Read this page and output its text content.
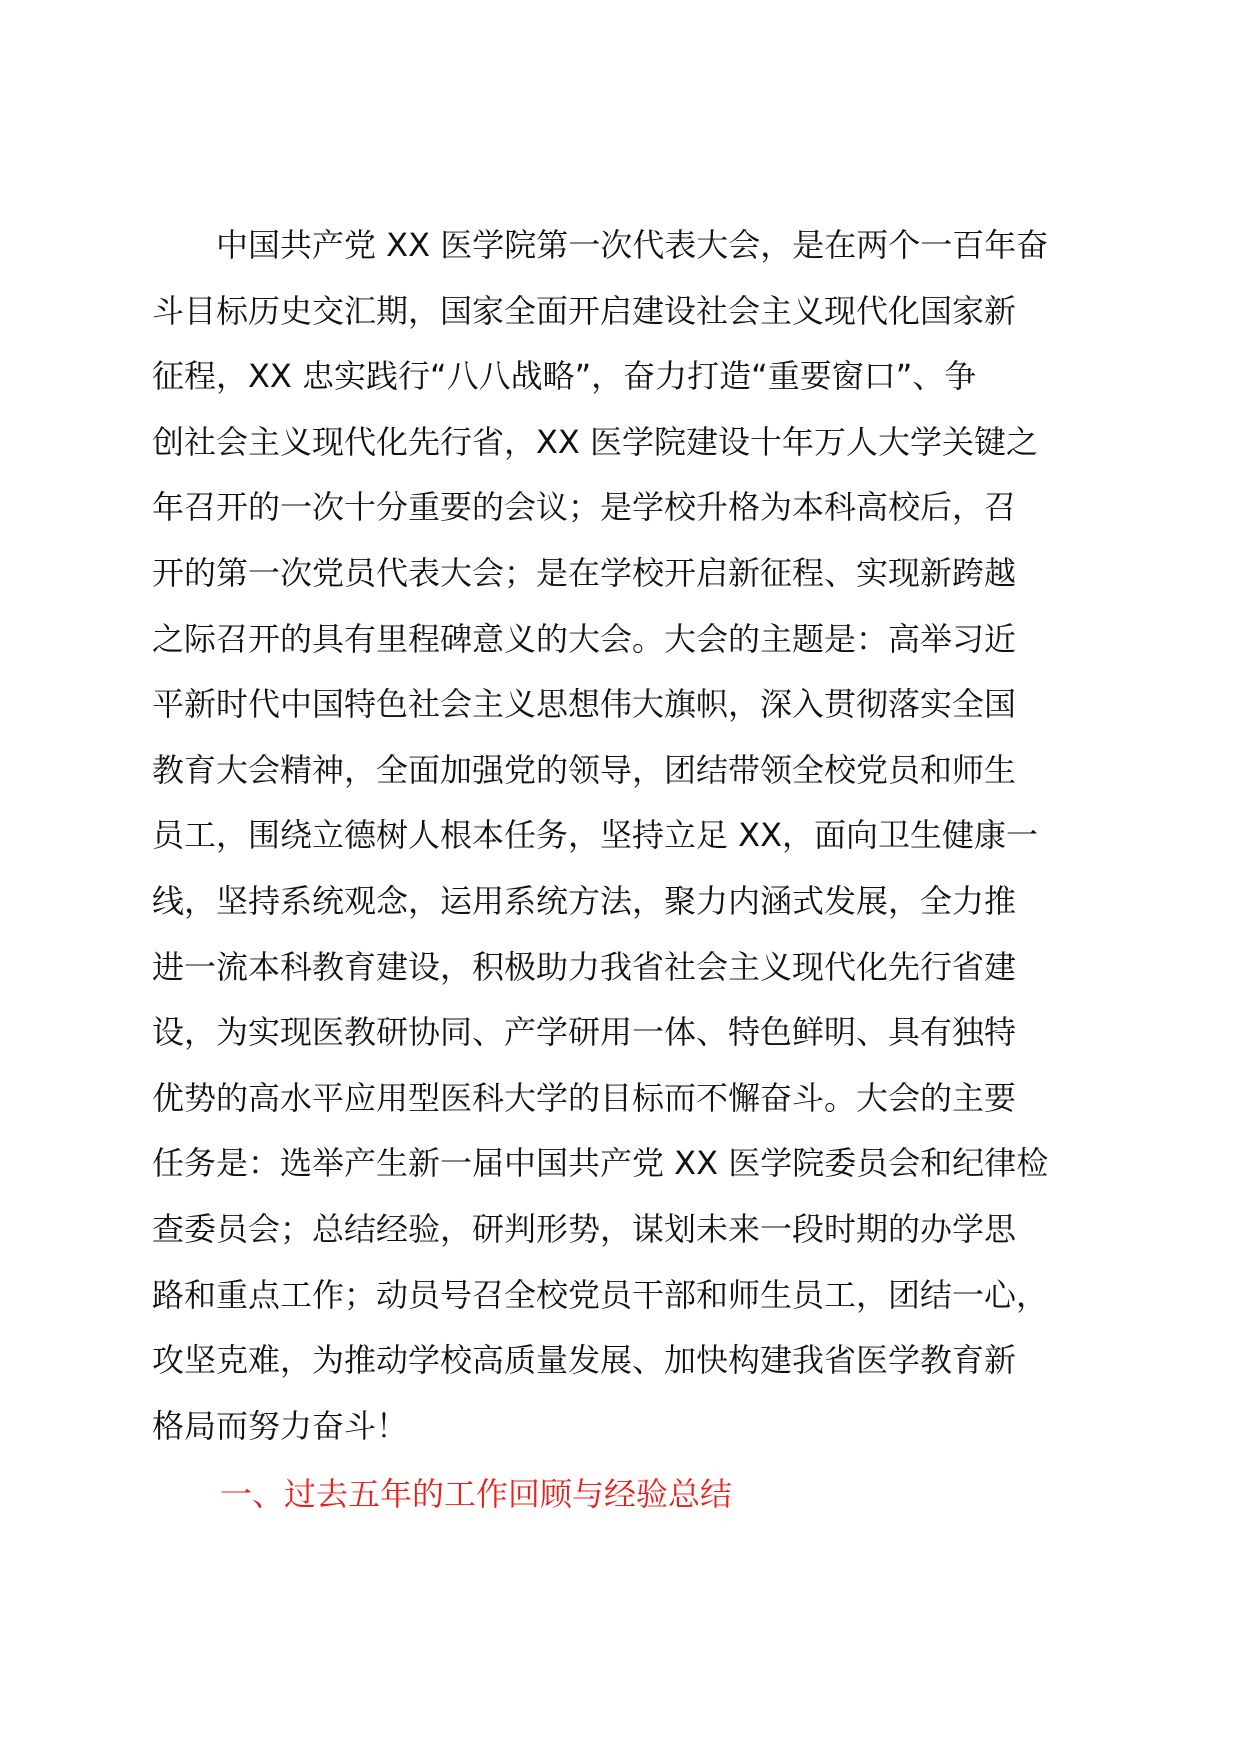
　　中国共产党 XX 医学院第一次代表大会，是在两个一百年奋
斗目标历史交汇期，国家全面开启建设社会主义现代化国家新
征程，XX 忠实践行“八八战略”，奋力打造“重要窗口”、争
创社会主义现代化先行省，XX 医学院建设十年万人大学关键之
年召开的一次十分重要的会议；是学校升格为本科高校后，召
开的第一次党员代表大会；是在学校开启新征程、实现新跨越
之际召开的具有里程碑意义的大会。大会的主题是：高举习近
平新时代中国特色社会主义思想伟大旗帜，深入贯彻落实全国
教育大会精神，全面加强党的领导，团结带领全校党员和师生
员工，围绕立德树人根本任务，坚持立足 XX，面向卫生健康一
线，坚持系统观念，运用系统方法，聚力内涵式发展，全力推
进一流本科教育建设，积极助力我省社会主义现代化先行省建
设，为实现医教研协同、产学研用一体、特色鲜明、具有独特
优势的高水平应用型医科大学的目标而不懈奋斗。大会的主要
任务是：选举产生新一届中国共产党 XX 医学院委员会和纪律检
查委员会；总结经验，研判形势，谋划未来一段时期的办学思
路和重点工作；动员号召全校党员干部和师生员工，团结一心，
攻坚克难，为推动学校高质量发展、加快构建我省医学教育新
格局而努力奋斗！
一、过去五年的工作回顾与经验总结
